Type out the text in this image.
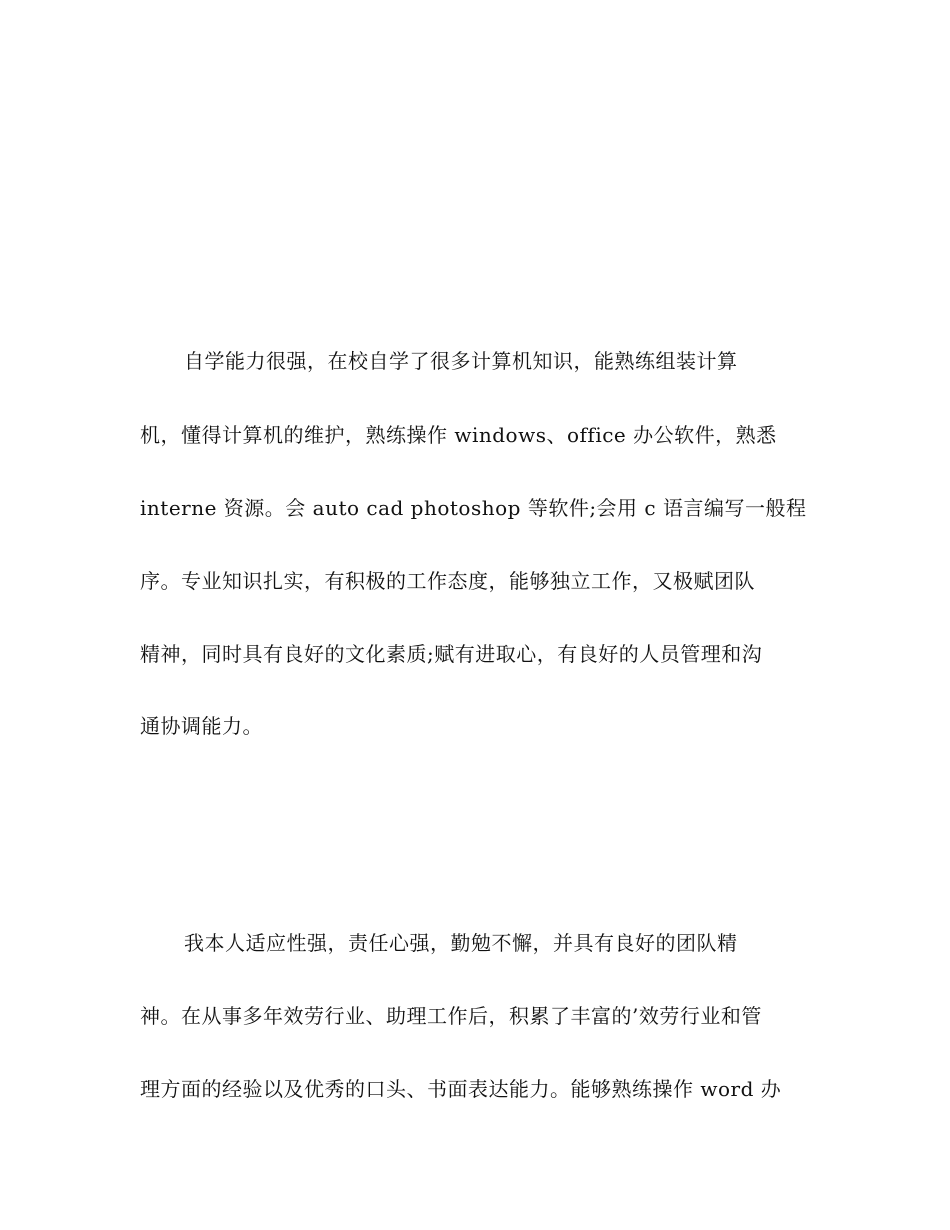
自学能力很强，在校自学了很多计算机知识，能熟练组装计算
机，懂得计算机的维护，熟练操作 windows、office 办公软件，熟悉
interne 资源。会 auto cad photoshop 等软件;会用 c 语言编写一般程
序。专业知识扎实，有积极的工作态度，能够独立工作，又极赋团队
精神，同时具有良好的文化素质;赋有进取心，有良好的人员管理和沟
通协调能力。
我本人适应性强，责任心强，勤勉不懈，并具有良好的团队精
神。在从事多年效劳行业、助理工作后，积累了丰富的’效劳行业和管
理方面的经验以及优秀的口头、书面表达能力。能够熟练操作 word 办
